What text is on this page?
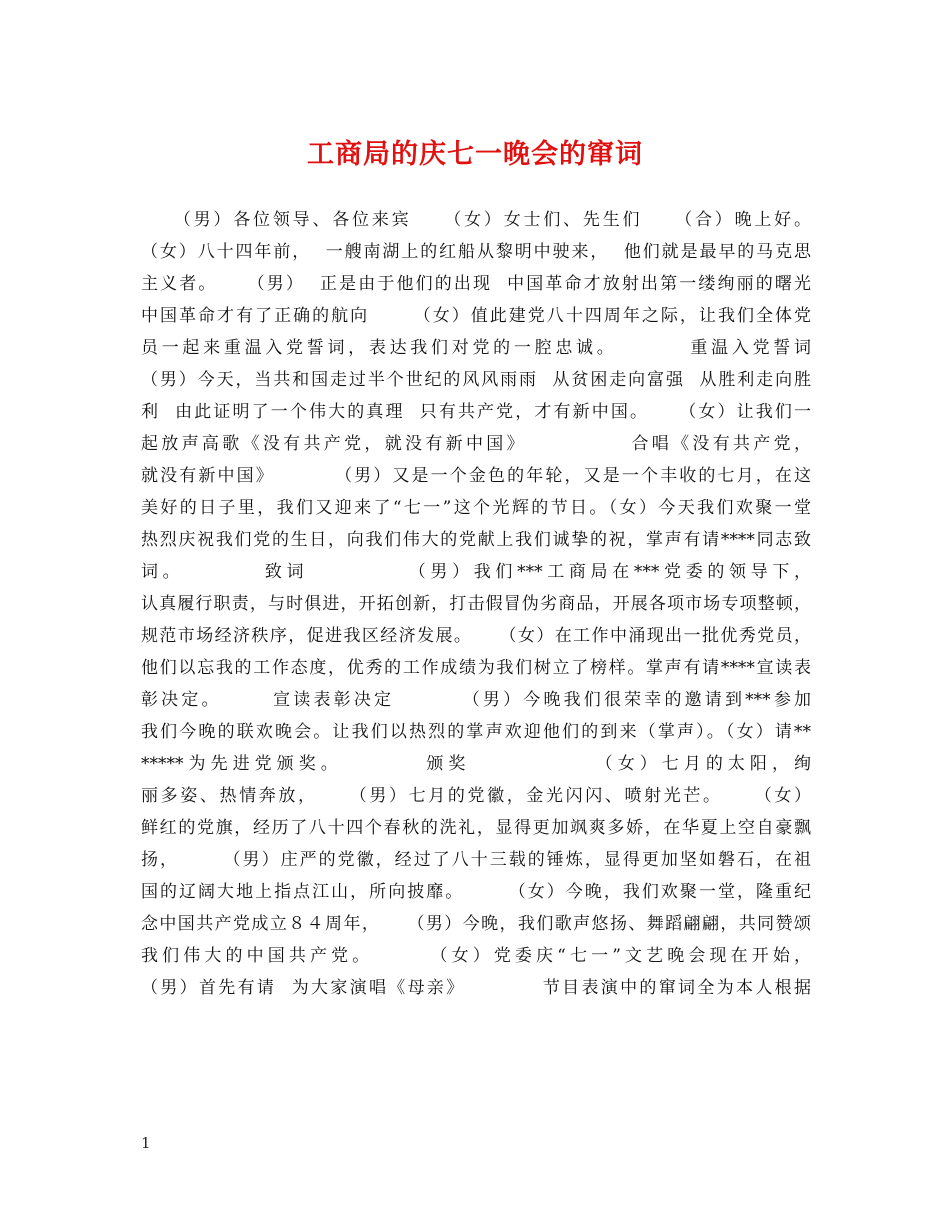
工商局的庆七一晚会的窜词
（男）各位领导、各位来宾    （女）女士们、先生们    （合）晚上好。
（女）八十四年前，  一艘南湖上的红船从黎明中驶来，  他们就是最早的马克思
主义者。    （男）  正是由于他们的出现  中国革命才放射出第一缕绚丽的曙光
中国革命才有了正确的航向      （女）值此建党八十四周年之际，让我们全体党
员一起来重温入党誓词，表达我们对党的一腔忠诚。        重温入党誓词
（男）今天，当共和国走过半个世纪的风风雨雨  从贫困走向富强  从胜利走向胜
利  由此证明了一个伟大的真理  只有共产党，才有新中国。    （女）让我们一
起放声高歌《没有共产党，就没有新中国》            合唱《没有共产党，
就没有新中国》        （男）又是一个金色的年轮，又是一个丰收的七月，在这
美好的日子里，我们又迎来了“七一”这个光辉的节日。（女）今天我们欢聚一堂
热烈庆祝我们党的生日，向我们伟大的党献上我们诚挚的祝，掌声有请****同志致
词。        致词          （男）我们***工商局在***党委的领导下，
认真履行职责，与时俱进，开拓创新，打击假冒伪劣商品，开展各项市场专项整顿，
规范市场经济秩序，促进我区经济发展。    （女）在工作中涌现出一批优秀党员，
他们以忘我的工作态度，优秀的工作成绩为我们树立了榜样。掌声有请****宣读表
彰决定。      宣读表彰决定        （男）今晚我们很荣幸的邀请到***参加
我们今晚的联欢晚会。让我们以热烈的掌声欢迎他们的到来（掌声）。（女）请**
*****为先进党颁奖。        颁奖            （女）七月的太阳，绚
丽多姿、热情奔放，    （男）七月的党徽，金光闪闪、喷射光芒。    （女）
鲜红的党旗，经历了八十四个春秋的洗礼，显得更加飒爽多娇，在华夏上空自豪飘
扬，      （男）庄严的党徽，经过了八十三载的锤炼，显得更加坚如磐石，在祖
国的辽阔大地上指点江山，所向披靡。      （女）今晚，我们欢聚一堂，隆重纪
念中国共产党成立８４周年，    （男）今晚，我们歌声悠扬、舞蹈翩翩，共同赞颂
我们伟大的中国共产党。      （女）党委庆“七一”文艺晚会现在开始，
（男）首先有请  为大家演唱《母亲》          节目表演中的窜词全为本人根据
1
